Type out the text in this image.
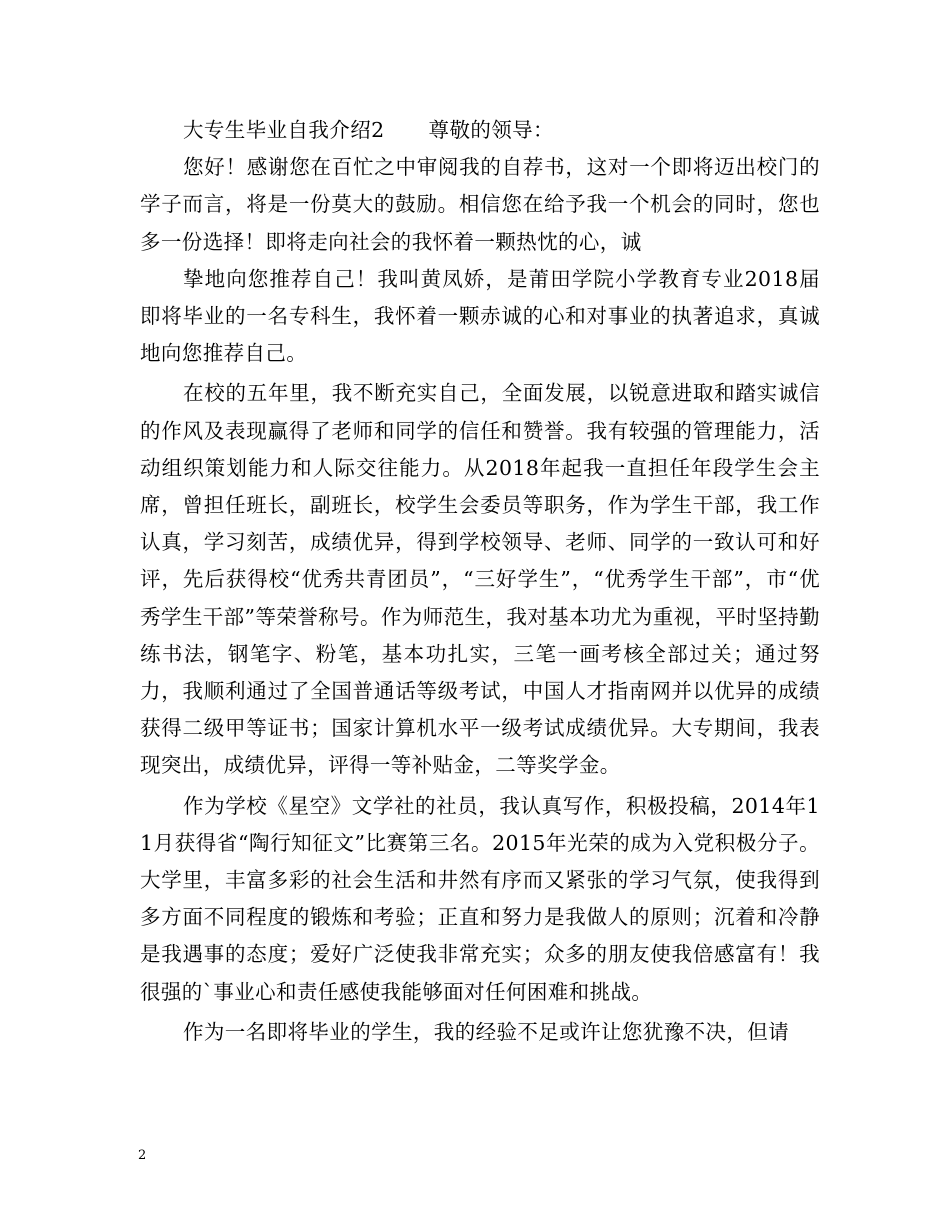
大专生毕业自我介绍2 尊敬的领导：

您好！感谢您在百忙之中审阅我的自荐书，这对一个即将迈出校门的学子而言，将是一份莫大的鼓励。相信您在给予我一个机会的同时，您也多一份选择！即将走向社会的我怀着一颗热忱的心，诚

挚地向您推荐自己！我叫黄凤娇，是莆田学院小学教育专业2018届即将毕业的一名专科生，我怀着一颗赤诚的心和对事业的执著追求，真诚地向您推荐自己。

在校的五年里，我不断充实自己，全面发展，以锐意进取和踏实诚信的作风及表现赢得了老师和同学的信任和赞誉。我有较强的管理能力，活动组织策划能力和人际交往能力。从2018年起我一直担任年段学生会主席，曾担任班长，副班长，校学生会委员等职务，作为学生干部，我工作认真，学习刻苦，成绩优异，得到学校领导、老师、同学的一致认可和好评，先后获得校“优秀共青团员”，“三好学生”，“优秀学生干部”，市“优秀学生干部”等荣誉称号。作为师范生，我对基本功尤为重视，平时坚持勤练书法，钢笔字、粉笔，基本功扎实，三笔一画考核全部过关；通过努力，我顺利通过了全国普通话等级考试，中国人才指南网并以优异的成绩获得二级甲等证书；国家计算机水平一级考试成绩优异。大专期间，我表现突出，成绩优异，评得一等补贴金，二等奖学金。

作为学校《星空》文学社的社员，我认真写作，积极投稿，2014年11月获得省“陶行知征文”比赛第三名。2015年光荣的成为入党积极分子。 大学里，丰富多彩的社会生活和井然有序而又紧张的学习气氛，使我得到多方面不同程度的锻炼和考验；正直和努力是我做人的原则；沉着和冷静是我遇事的态度；爱好广泛使我非常充实；众多的朋友使我倍感富有！我很强的`事业心和责任感使我能够面对任何困难和挑战。

作为一名即将毕业的学生，我的经验不足或许让您犹豫不决，但请

2
